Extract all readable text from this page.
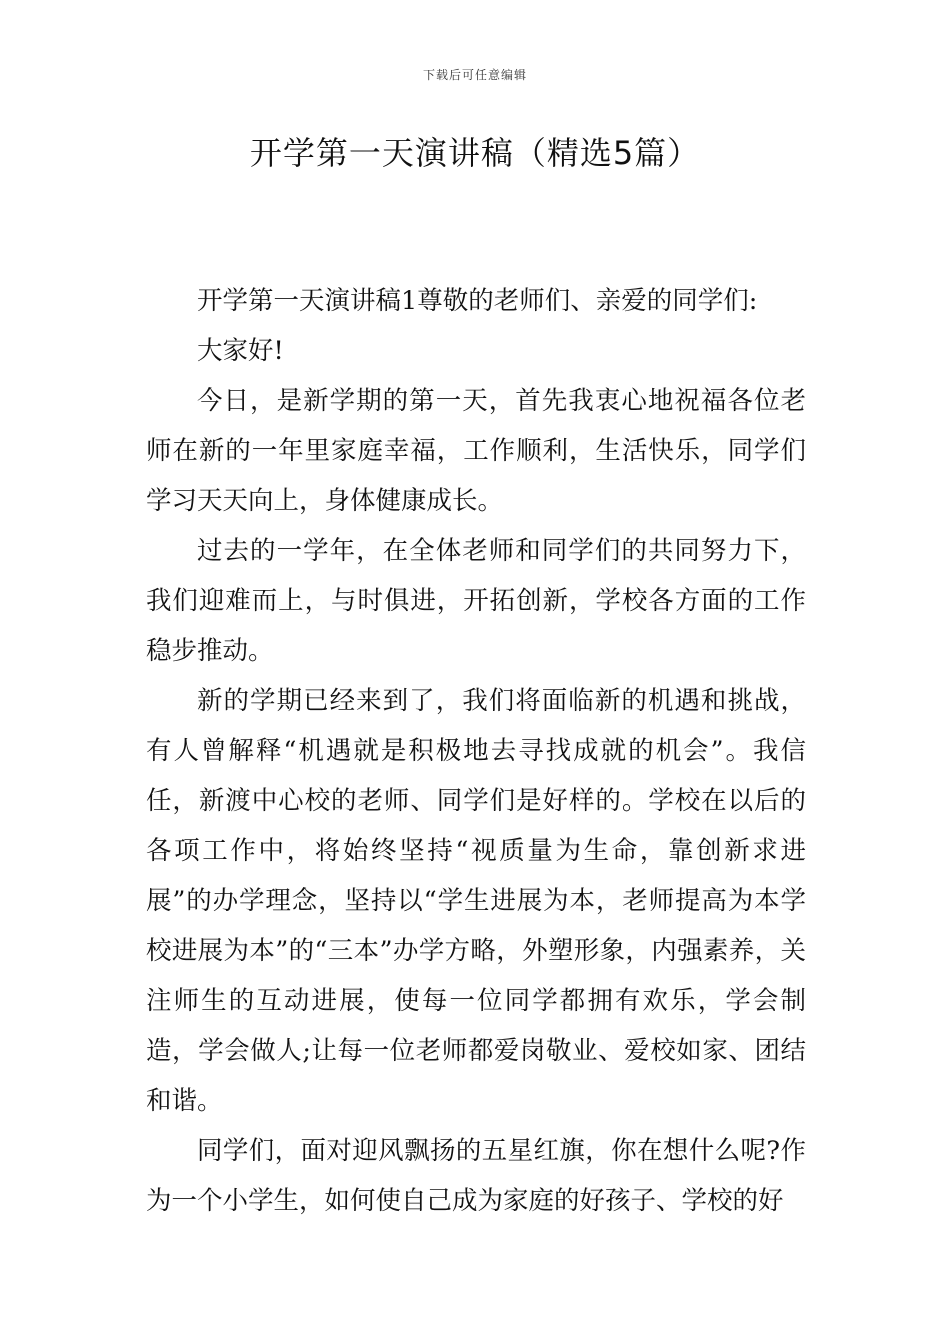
下载后可任意编辑
开学第一天演讲稿（精选5篇）

开学第一天演讲稿1尊敬的老师们、亲爱的同学们:

大家好!

今日，是新学期的第一天，首先我衷心地祝福各位老师在新的一年里家庭幸福，工作顺利，生活快乐，同学们学习天天向上，身体健康成长。

过去的一学年，在全体老师和同学们的共同努力下，我们迎难而上，与时俱进，开拓创新，学校各方面的工作稳步推动。

新的学期已经来到了，我们将面临新的机遇和挑战，有人曾解释“机遇就是积极地去寻找成就的机会”。我信任，新渡中心校的老师、同学们是好样的。学校在以后的各项工作中，将始终坚持“视质量为生命，靠创新求进展”的办学理念，坚持以“学生进展为本，老师提高为本学校进展为本”的“三本”办学方略，外塑形象，内强素养，关注师生的互动进展，使每一位同学都拥有欢乐，学会制造，学会做人;让每一位老师都爱岗敬业、爱校如家、团结和谐。

同学们，面对迎风飘扬的五星红旗，你在想什么呢?作为一个小学生，如何使自己成为家庭的好孩子、学校的好
